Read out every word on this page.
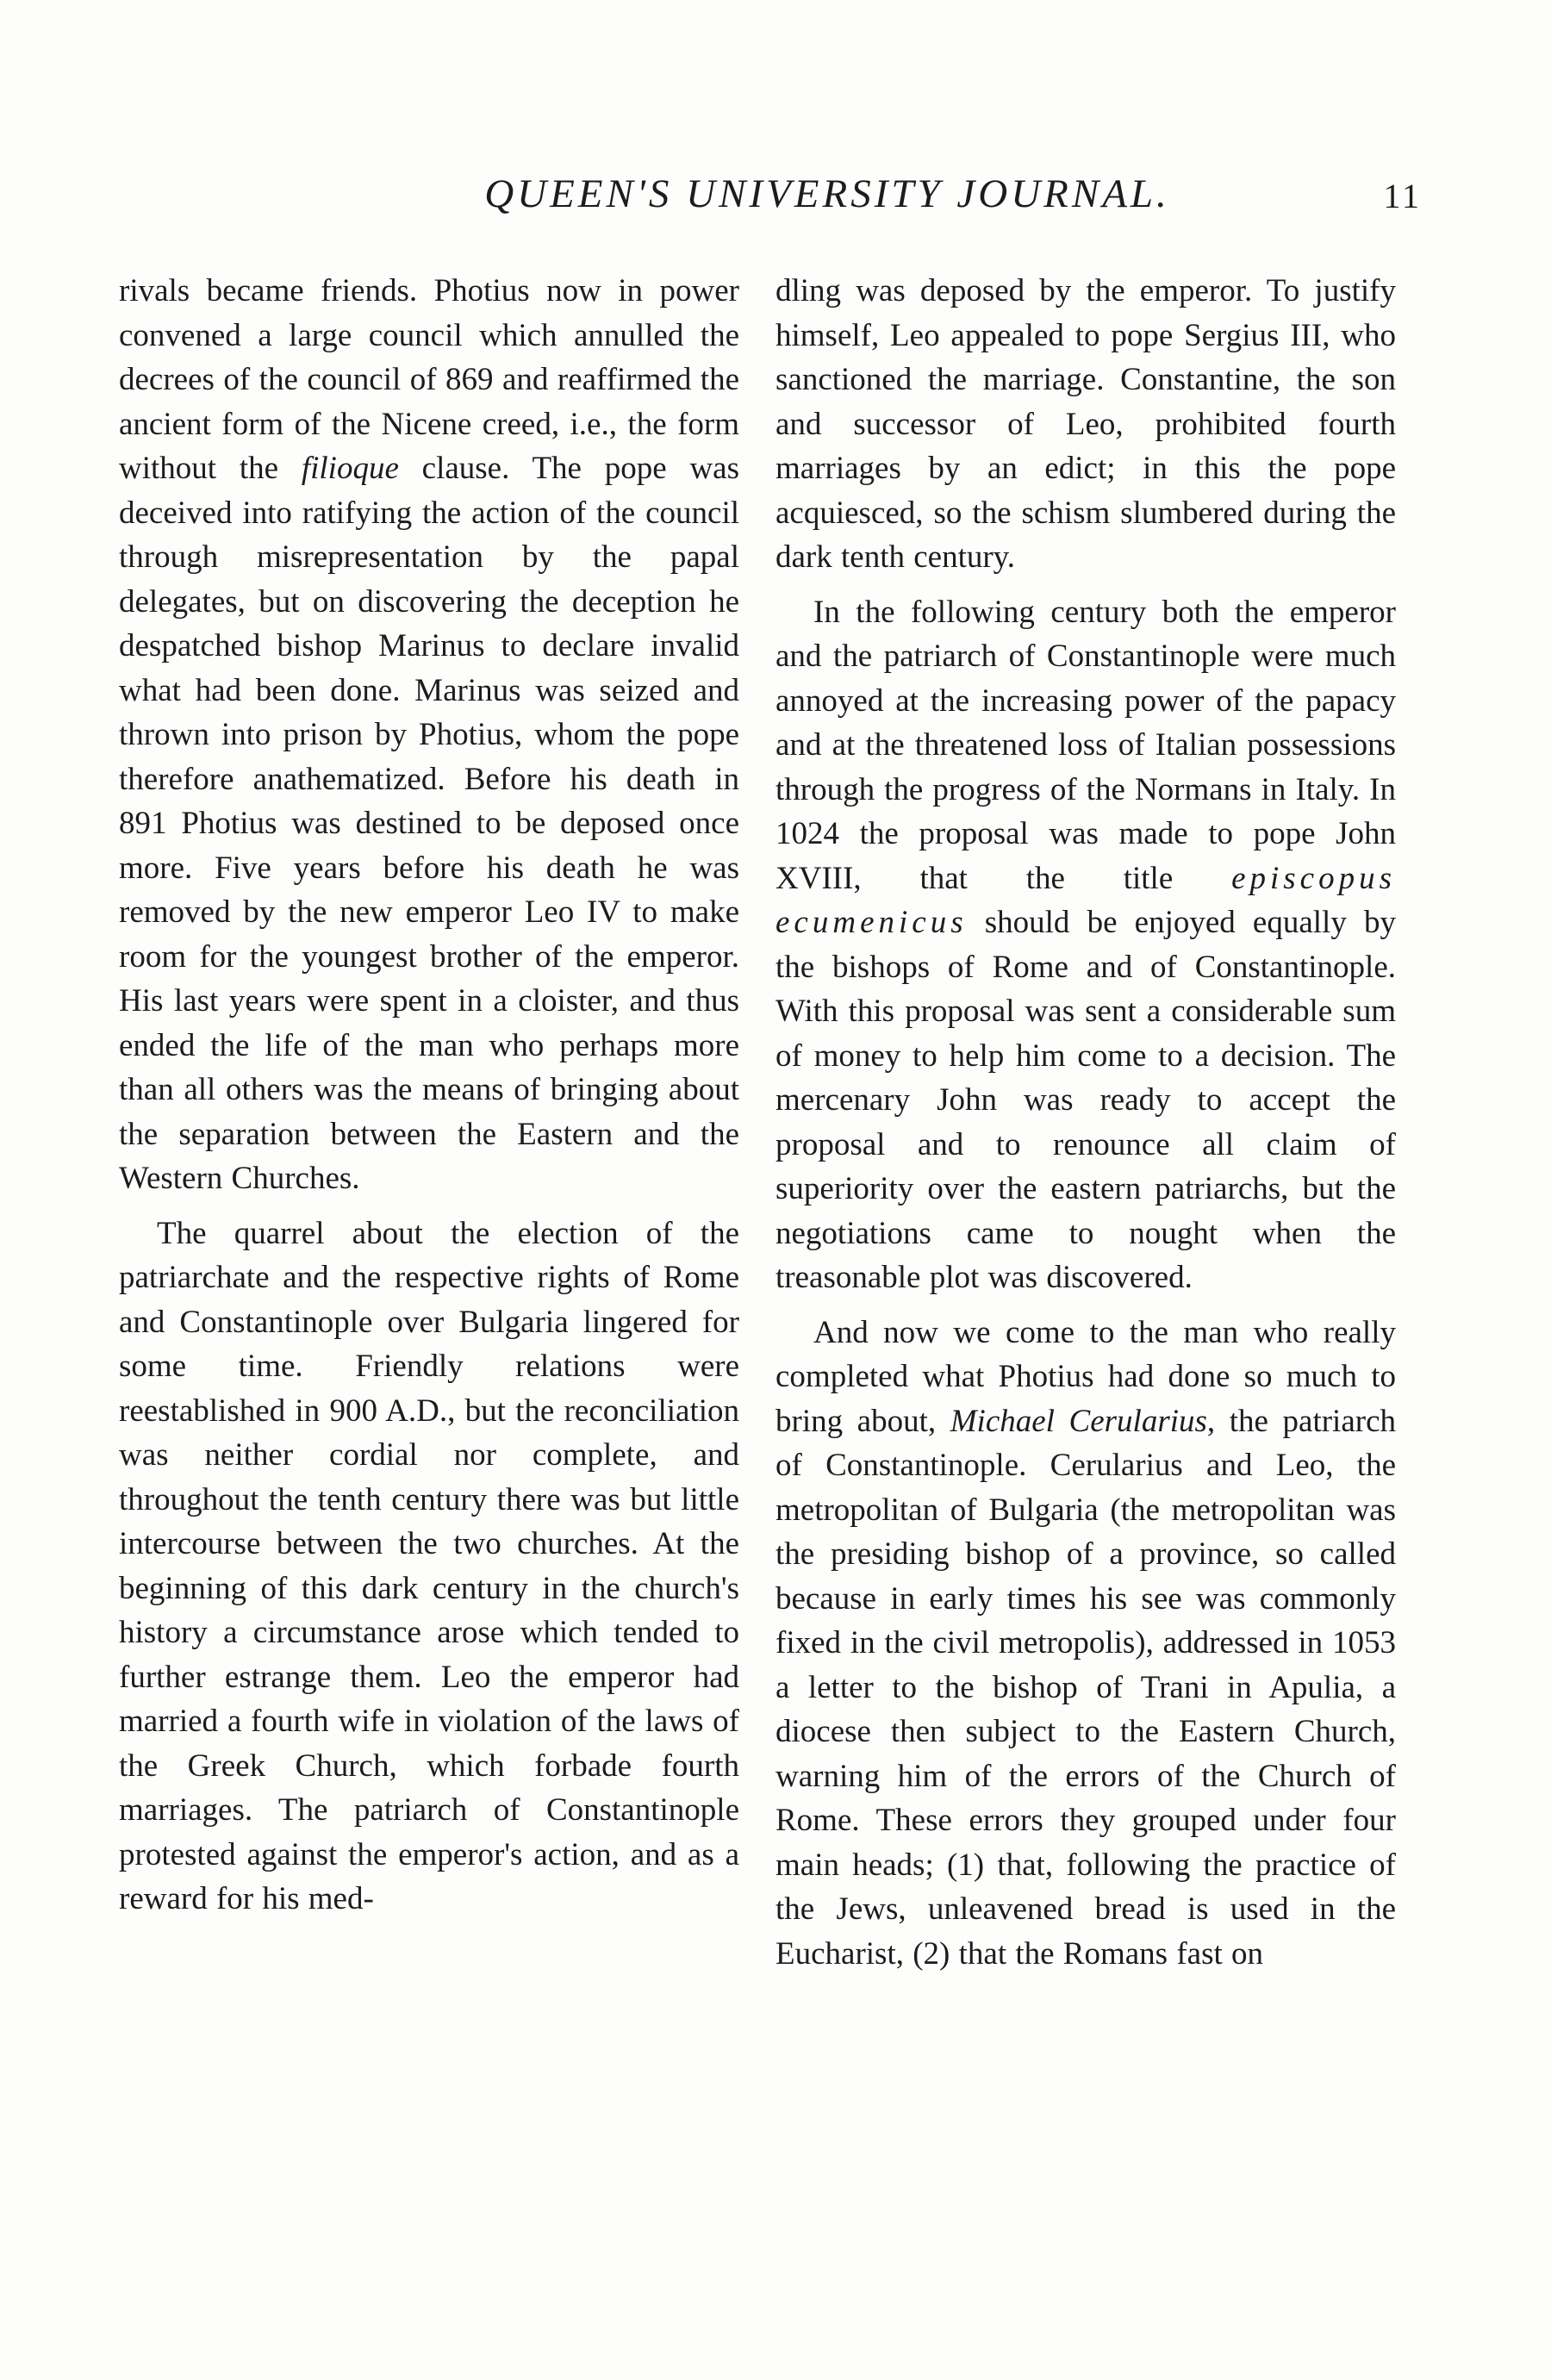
QUEEN'S UNIVERSITY JOURNAL.	11

rivals became friends. Photius now in power convened a large council which annulled the decrees of the council of 869 and reaffirmed the ancient form of the Nicene creed, i.e., the form without the filioque clause. The pope was deceived into ratifying the action of the council through misrepresentation by the papal delegates, but on discovering the deception he despatched bishop Marinus to declare invalid what had been done. Marinus was seized and thrown into prison by Photius, whom the pope therefore anathematized. Before his death in 891 Photius was destined to be deposed once more. Five years before his death he was removed by the new emperor Leo IV to make room for the youngest brother of the emperor. His last years were spent in a cloister, and thus ended the life of the man who perhaps more than all others was the means of bringing about the separation between the Eastern and the Western Churches.

The quarrel about the election of the patriarchate and the respective rights of Rome and Constantinople over Bulgaria lingered for some time. Friendly relations were reestablished in 900 A.D., but the reconciliation was neither cordial nor complete, and throughout the tenth century there was but little intercourse between the two churches. At the beginning of this dark century in the church's history a circumstance arose which tended to further estrange them. Leo the emperor had married a fourth wife in violation of the laws of the Greek Church, which forbade fourth marriages. The patriarch of Constantinople protested against the emperor's action, and as a reward for his med-

dling was deposed by the emperor. To justify himself, Leo appealed to pope Sergius III, who sanctioned the marriage. Constantine, the son and successor of Leo, prohibited fourth marriages by an edict; in this the pope acquiesced, so the schism slumbered during the dark tenth century.

In the following century both the emperor and the patriarch of Constantinople were much annoyed at the increasing power of the papacy and at the threatened loss of Italian possessions through the progress of the Normans in Italy. In 1024 the proposal was made to pope John XVIII, that the title episcopus ecumenicus should be enjoyed equally by the bishops of Rome and of Constantinople. With this proposal was sent a considerable sum of money to help him come to a decision. The mercenary John was ready to accept the proposal and to renounce all claim of superiority over the eastern patriarchs, but the negotiations came to nought when the treasonable plot was discovered.

And now we come to the man who really completed what Photius had done so much to bring about, Michael Cerularius, the patriarch of Constantinople. Cerularius and Leo, the metropolitan of Bulgaria (the metropolitan was the presiding bishop of a province, so called because in early times his see was commonly fixed in the civil metropolis), addressed in 1053 a letter to the bishop of Trani in Apulia, a diocese then subject to the Eastern Church, warning him of the errors of the Church of Rome. These errors they grouped under four main heads; (1) that, following the practice of the Jews, unleavened bread is used in the Eucharist, (2) that the Romans fast on
